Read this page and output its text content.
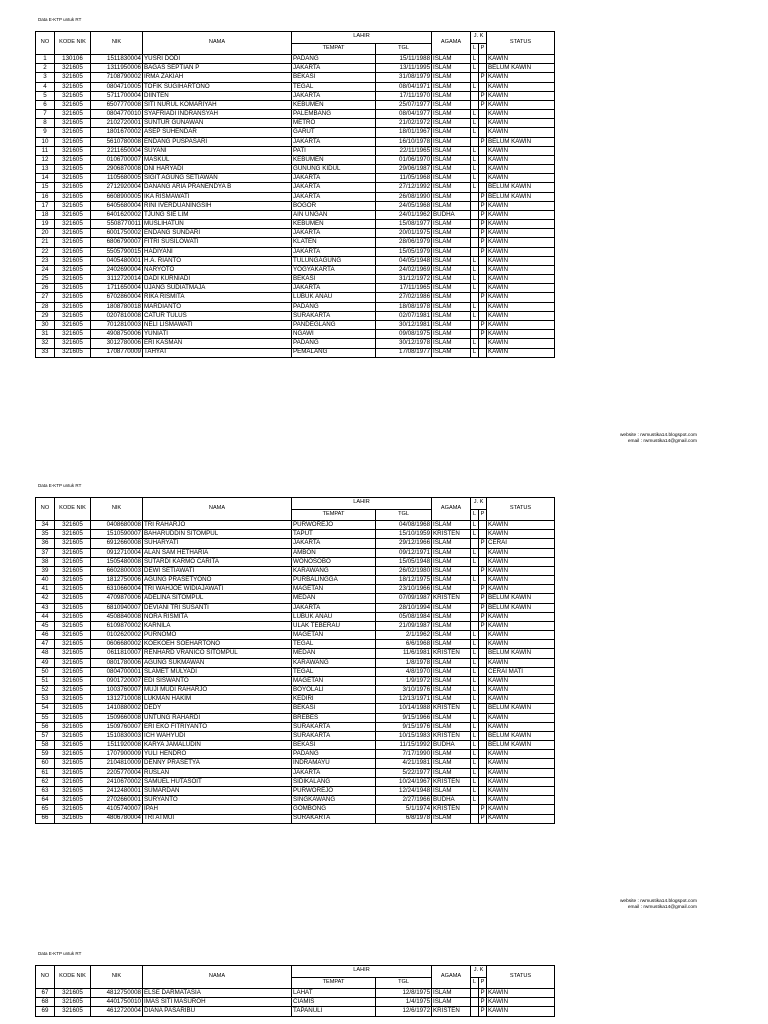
Data E-KTP untuk RT
NO	KODE NIK	NIK	NAMA	LAHIR		AGAMA	J. K		STATUS
				TEMPAT	TGL		L	P	
1	130106	1511830004	YUSRI DODI	PADANG	15/11/1988	ISLAM	L		KAWIN
2	321605	1311950006	BAGAS SEPTIAN P	JAKARTA	13/11/1995	ISLAM	L		BELUM KAWIN
3	321605	7108790002	IRMA ZAKIAH	BEKASI	31/08/1979	ISLAM		P	KAWIN
4	321605	0804710005	TOFIK SUGIHARTONO	TEGAL	08/04/1971	ISLAM	L		KAWIN
5	321605	5711700004	DIINTEN	JAKARTA	17/11/1970	ISLAM		P	KAWIN
6	321605	6507770008	SITI NURUL KOMARIYAH	KEBUMEN	25/07/1977	ISLAM		P	KAWIN
7	321605	0804770010	SYAFRIADI INDRANSYAH	PALEMBANG	08/04/1977	ISLAM	L		KAWIN
8	321605	2102720001	SUNTUR GUNAWAN	METRO	21/02/1972	ISLAM	L		KAWIN
9	321605	1801670002	ASEP SUHENDAR	GARUT	18/01/1967	ISLAM	L		KAWIN
10	321605	5610780008	ENDANG PUSPASARI	JAKARTA	16/10/1978	ISLAM		P	BELUM KAWIN
11	321605	2211650004	SUYANI	PATI	22/11/1965	ISLAM	L		KAWIN
12	321605	0106700007	MASKUL	KEBUMEN	01/06/1970	ISLAM	L		KAWIN
13	321605	2906870008	DNI HARYADI	GUNUNG KIDUL	29/06/1987	ISLAM	L		KAWIN
14	321605	1105680005	SIGIT AGUNG SETIAWAN	JAKARTA	11/05/1968	ISLAM	L		KAWIN
15	321605	2712920004	DANANG ARIA PRANENDYA B	JAKARTA	27/12/1992	ISLAM	L		BELUM KAWIN
16	321605	6608900005	IKA RISMAWATI	JAKARTA	26/08/1990	ISLAM		P	BELUM KAWIN
17	321605	6405680004	RINI IVERDUANINGSIH	BOGOR	24/05/1968	ISLAM		P	KAWIN
18	321605	6401620002	TJUNG SIE LIM	AIN UNGAN	24/01/1962	BUDHA		P	KAWIN
19	321605	5508770011	MUSLIHATUN	KEBUMEN	15/08/1977	ISLAM		P	KAWIN
20	321605	6001750002	ENDANG SUNDARI	JAKARTA	20/01/1975	ISLAM		P	KAWIN
21	321605	6806790007	FITRI SUSILOWATI	KLATEN	28/06/1979	ISLAM		P	KAWIN
22	321605	5505790015	HADIYANI	JAKARTA	15/05/1979	ISLAM		P	KAWIN
23	321605	0405480001	H.A. RIANTO	TULUNGAGUNG	04/05/1948	ISLAM	L		KAWIN
24	321605	2402690004	NARYOTO	YOGYAKARTA	24/02/1969	ISLAM	L		KAWIN
25	321605	3112720014	DADI KURNIADI	BEKASI	31/12/1972	ISLAM	L		KAWIN
26	321605	1711650004	UJANG SUDIATMAJA	JAKARTA	17/11/1965	ISLAM	L		KAWIN
27	321605	6702860004	RIKA RISMITA	LUBUK ANAU	27/02/1986	ISLAM		P	KAWIN
28	321605	1808780018	MARDIANTO	PADANG	18/08/1978	ISLAM	L		KAWIN
29	321605	0207810008	CATUR TULUS	SURAKARTA	02/07/1981	ISLAM	L		KAWIN
30	321605	7012810003	NELI LISMAWATI	PANDEGLANG	30/12/1981	ISLAM		P	KAWIN
31	321605	4908750006	YUNIATI	NGAWI	09/08/1975	ISLAM		P	KAWIN
32	321605	3012780006	ERI KASMAN	PADANG	30/12/1978	ISLAM	L		KAWIN
33	321605	1708770009	TAHYAT	PEMALANG	17/08/1977	ISLAM	L		KAWIN
website : rwmustika14.blogspot.com
email : rwmustika14@gmail.com
Data E-KTP untuk RT
NO	KODE NIK	NIK	NAMA	LAHIR		AGAMA	J. K		STATUS
				TEMPAT	TGL		L	P	
34	321605	0408680008	TRI RAHARJO	PURWOREJO	04/08/1968	ISLAM	L		KAWIN
35	321605	1510590007	BAHARUDDIN SITOMPUL	TAPUT	15/10/1959	KRISTEN	L		KAWIN
36	321605	6912660008	SUHARYATI	JAKARTA	29/12/1966	ISLAM		P	CERAI
37	321605	0912710004	ALAN SAM HETHARIA	AMBON	09/12/1971	ISLAM	L		KAWIN
38	321605	1505480008	SUTARDI KARMO CARITA	WONOSOBO	15/05/1948	ISLAM	L		KAWIN
39	321605	6602800003	DEWI SETIAWATI	KARAWANG	26/02/1980	ISLAM		P	KAWIN
40	321605	1812750006	AGUNG PRASETYONO	PURBALINGGA	18/12/1975	ISLAM	L		KAWIN
41	321605	6310660004	TRI WAHJOE WIDIAJAWATI	MAGETAN	23/10/1966	ISLAM		P	KAWIN
42	321605	4709870006	ADELINA SITOMPUL	MEDAN	07/09/1987	KRISTEN		P	BELUM KAWIN
43	321605	6810940007	DEVIANI TRI SUSANTI	JAKARTA	28/10/1994	ISLAM		P	BELUM KAWIN
44	321605	4508840008	NORA RISMITA	LUBUK ANAU	05/08/1984	ISLAM		P	KAWIN
45	321605	6109870002	KARNILA	ULAK TEBERAU	21/09/1987	ISLAM		P	KAWIN
46	321605	0102620002	PURNOMO	MAGETAN	2/1/1962	ISLAM	L		KAWIN
47	321605	0606680002	KOEKOEH SOEHARTONO	TEGAL	6/6/1968	ISLAM	L		KAWIN
48	321605	0611810007	RENHARD VRANICO SITOMPUL	MEDAN	11/6/1981	KRISTEN	L		BELUM KAWIN
49	321605	0801780006	AGUNG SUKMAWAN	KARAWANG	1/8/1978	ISLAM	L		KAWIN
50	321605	0804700001	SLAMET MULYADI	TEGAL	4/8/1970	ISLAM	L		CERAI MATI
51	321605	0901720007	EDI SISWANTO	MAGETAN	1/9/1972	ISLAM	L		KAWIN
52	321605	1003760007	MUJI MUDI RAHARJO	BOYOLALI	3/10/1976	ISLAM	L		KAWIN
53	321605	1312710008	LUKMAN HAKIM	KEDIRI	12/13/1971	ISLAM	L		KAWIN
54	321605	1410880002	DEDY	BEKASI	10/14/1988	KRISTEN	L		BELUM KAWIN
55	321605	1509660008	UNTUNG RAHARDI	BREBES	9/15/1966	ISLAM	L		KAWIN
56	321605	1509760007	ERI EKO FITRIYANTO	SURAKARTA	9/15/1976	ISLAM	L		KAWIN
57	321605	1510830003	ICH WAHYUDI	SURAKARTA	10/15/1983	KRISTEN	L		BELUM KAWIN
58	321605	1511920008	KARYA JAMALUDIN	BEKASI	11/15/1992	BUDHA	L		BELUM KAWIN
59	321605	1707900009	YULI HENDRO	PADANG	7/17/1990	ISLAM	L		KAWIN
60	321605	2104810009	DENNY PRASETYA	INDRAMAYU	4/21/1981	ISLAM	L		KAWIN
61	321605	2205770004	RUSLAN	JAKARTA	5/22/1977	ISLAM	L		KAWIN
62	321605	2410670002	SAMUEL HUTASOIT	SIDIKALANG	10/24/1967	KRISTEN	L		KAWIN
63	321605	2412480001	SUMARDAN	PURWOREJO	12/24/1948	ISLAM	L		KAWIN
64	321605	2702660001	SURYANTO	SINGKAWANG	2/27/1966	BUDHA	L		KAWIN
65	321605	4105740007	IPAH	GOMBONG	5/1/1974	KRISTEN		P	KAWIN
66	321605	4806780004	TRI ATMUI	SURAKARTA	6/8/1978	ISLAM		P	KAWIN
website : rwmustika14.blogspot.com
email : rwmustika14@gmail.com
Data E-KTP untuk RT
NO	KODE NIK	NIK	NAMA	LAHIR		AGAMA	J. K		STATUS
				TEMPAT	TGL		L	P	
67	321605	4812750008	ELSE DARMATASIA	LAHAT	12/8/1975	ISLAM		P	KAWIN
68	321605	4401750010	IMAS SITI MASUROH	CIAMIS	1/4/1975	ISLAM		P	KAWIN
69	321605	4612720004	DIANA PASARIBU	TAPANULI	12/6/1972	KRISTEN		P	KAWIN
